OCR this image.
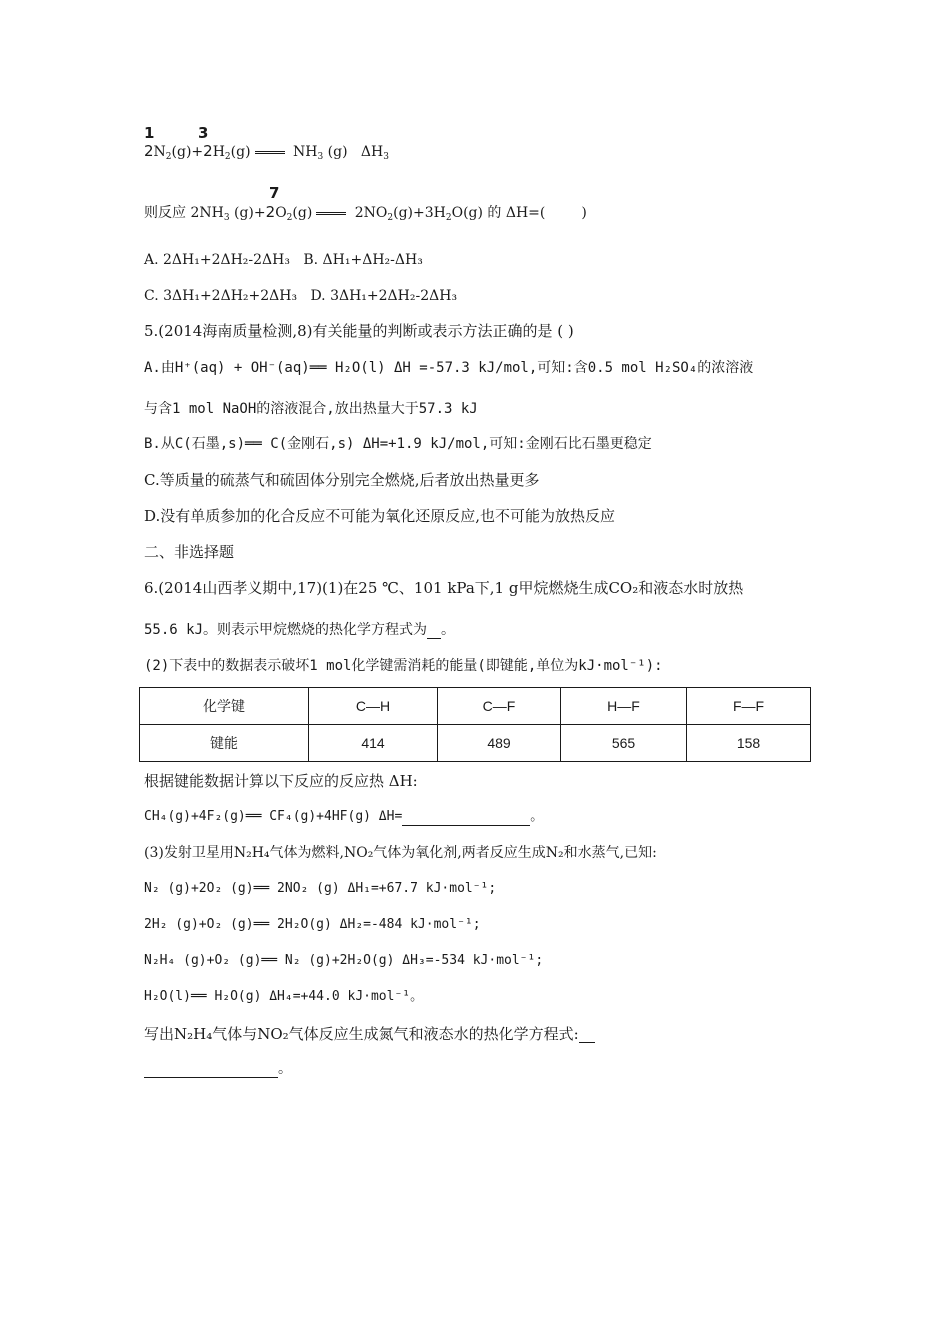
1
$2N_2(g)+$
3
$2H_2(g)$	$NH_3$ (g) $\Delta H_3$
则反应 $2NH_3$ (g)+
7
$2O_2(g)$	$2NO_2(g)+3H_2O(g)$ 的 ΔH=(	)
A. 2ΔH₁+2ΔH₂-2ΔH₃ B. ΔH₁+ΔH₂-ΔH₃
C. 3ΔH₁+2ΔH₂+2ΔH₃ D. 3ΔH₁+2ΔH₂-2ΔH₃
5.(2014海南质量检测,8)有关能量的判断或表示方法正确的是 ( )
A.由H⁺(aq) + OH⁻(aq)══ H₂O(l) ΔH =-57.3 kJ/mol,可知:含0.5 mol H₂SO₄的浓溶液
与含1 mol NaOH的溶液混合,放出热量大于57.3 kJ
B.从C(石墨,s)══ C(金刚石,s) ΔH=+1.9 kJ/mol,可知:金刚石比石墨更稳定
C.等质量的硫蒸气和硫固体分别完全燃烧,后者放出热量更多
D.没有单质参加的化合反应不可能为氧化还原反应,也不可能为放热反应
二、非选择题
6.(2014山西孝义期中,17)(1)在25 ℃、101 kPa下,1 g甲烷燃烧生成CO₂和液态水时放热
55.6 kJ。则表示甲烷燃烧的热化学方程式为 。
(2)下表中的数据表示破坏1 mol化学键需消耗的能量(即键能,单位为kJ·mol⁻¹):
化学键	C—H	C—F	H—F	F—F
键能	414	489	565	158
根据键能数据计算以下反应的反应热 ΔH:
CH₄(g)+4F₂(g)══ CF₄(g)+4HF(g) ΔH=	。
(3)发射卫星用N₂H₄气体为燃料,NO₂气体为氧化剂,两者反应生成N₂和水蒸气,已知:
N₂ (g)+2O₂ (g)══ 2NO₂ (g) ΔH₁=+67.7 kJ·mol⁻¹;
2H₂ (g)+O₂ (g)══ 2H₂O(g) ΔH₂=-484 kJ·mol⁻¹;
N₂H₄ (g)+O₂ (g)══ N₂ (g)+2H₂O(g) ΔH₃=-534 kJ·mol⁻¹;
H₂O(l)══ H₂O(g) ΔH₄=+44.0 kJ·mol⁻¹。
写出N₂H₄气体与NO₂气体反应生成氮气和液态水的热化学方程式:
。
